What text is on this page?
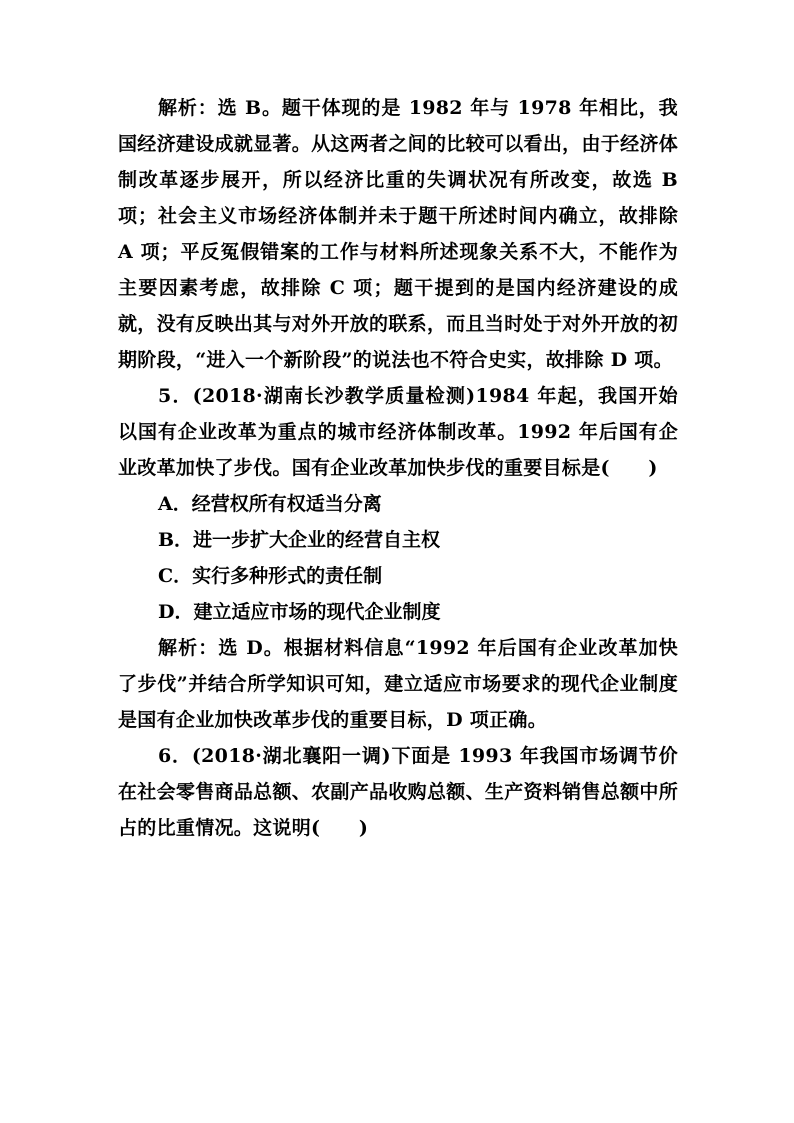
解析：选 B。题干体现的是 1982 年与 1978 年相比，我国经济建设成就显著。从这两者之间的比较可以看出，由于经济体制改革逐步展开，所以经济比重的失调状况有所改变，故选 B 项；社会主义市场经济体制并未于题干所述时间内确立，故排除 A 项；平反冤假错案的工作与材料所述现象关系不大，不能作为主要因素考虑，故排除 C 项；题干提到的是国内经济建设的成就，没有反映出其与对外开放的联系，而且当时处于对外开放的初期阶段，“进入一个新阶段”的说法也不符合史实，故排除 D 项。

5．(2018·湖南长沙教学质量检测)1984 年起，我国开始以国有企业改革为重点的城市经济体制改革。1992 年后国有企业改革加快了步伐。国有企业改革加快步伐的重要目标是(　　)

A．经营权所有权适当分离

B．进一步扩大企业的经营自主权

C．实行多种形式的责任制

D．建立适应市场的现代企业制度

解析：选 D。根据材料信息“1992 年后国有企业改革加快了步伐”并结合所学知识可知，建立适应市场要求的现代企业制度是国有企业加快改革步伐的重要目标，D 项正确。

6．(2018·湖北襄阳一调)下面是 1993 年我国市场调节价在社会零售商品总额、农副产品收购总额、生产资料销售总额中所占的比重情况。这说明(　　)
